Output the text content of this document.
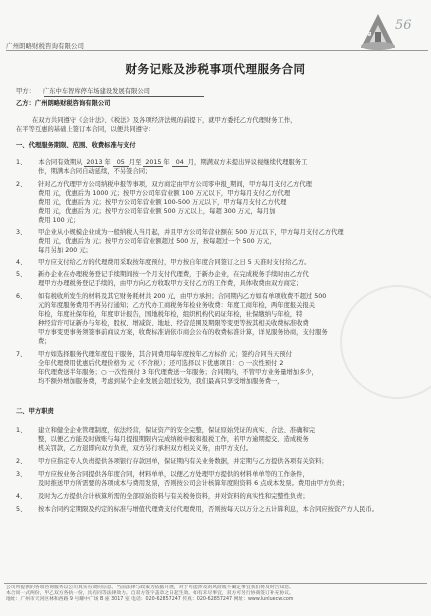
广州朗略财税咨询有限公司
ᵍ
56
财务记账及涉税事项代理服务合同
甲方： 广东中车智库停车场建设发展有限公司
乙方：广州朗略财税咨询有限公司
在双方共同遵守《会计法》、《税法》及各项经济法规的前提下，就甲方委托乙方代理财务工作，
在平等互惠的基础上签订本合同，以便共同遵守：
一、代理服务期限、范围、收费标准与支付
1、 本合同有效期从 2013 年 05 月至 2015 年 04 月，期满双方未提出异议视继续代理服务工
作，期满本合同自动延续，不另签合同；
2、 针对乙方代理甲方公司纳税申报等事项，双方商定由甲方公司零申报_期间，甲方每月支付乙方代理
费用 元，优惠后为 1000 元；按甲方公司年营业额 100 万元以下，甲方每月支付乙方代理
费用 元，优惠后为 元；按甲方公司年营业额 100-500 万元以下，甲方每月支付乙方代理
费用 元，优惠后为 元；按甲方公司年营业额 500 万元以上，每超 300 万元，每月加
费用 100 元；
3、 甲企业从小规模企业成为一般纳税人当月起，并且甲方公司年营业额在 500 万元以下，甲方每月支付乙方代理
费用 元，优惠后为 元；按甲方公司年营业额超过 500 万，按每超过一个 500 万元，
每月另加 200 元；
4、 甲方应支付给乙方的代理费用采取按年度预付，甲方按自年度合同签订之日 5 天准时支付给乙方。
5、 新办企业在办理税务登记手续期间按一个月支付代理费，于新办企业，在完成税务手续时由乙方代
理甲方办理税务登记手续的，由甲方向乙方收取甲方支付乙方的工作费，具体收费由双方商定；
6、 如有税收所发生的材料及其它财务耗材共 200 元，由甲方承担；合同期内乙方如有单项收费不超过 500
元的年度服务费用不再另行通知；乙方代办工商税务年检业务收费：年度工商年检，两年度报关报关
年检，年度社保年检，年度审计报告，国地税年检，组织机构代码证年检，社保缴纳与年检，特
种经营许可证新办与年检，股权、增减资、地址、经营范围及期限等变更等按其相关收费标准收费
甲方事变更事务须签事前商议方案，收费标准请依市商会公布的收费标准计算，详见服务协商，支付服务
费；
7、 甲方如选择服务代理年度包干服务，其合同费用每年度按年乙方标价 元；签约合同当天预付
全年代理费用优惠后代理价格为 元（不含税）；还可选择以下优惠项目：○ 一次性预付 2
年代理费送半年服务；○ 一次性预付 3 年代理费送一年服务；合同期内，不管甲方业务量增加多少，
均不额外增加服务费，考虑到某个企业发展会超过较为，我们最高只享受增加服务费一，
二、甲方职责
1、 建立和健全企业管理制度，依法经营，保证资产的安全完整，保证原始凭证的真实、合法、准确和完
整，以便乙方能及时做账与每月提报期限内完成纳税申报和报税工作，若甲方逾期提交、造成税务
机关罚款，乙方退即向双方负责，双方另行承担双方相关义务，由甲方支付。
2、 甲方应指定专人负责提供各项银行存款回单，保证期内有关业务数据，并定期与乙方提供各项有关资料；
3、 甲方应按业务合同提供各年度合同，材料单单，以便乙方处理甲方提供的材料单单等的工作条件，
及时推送甲方所需要的各项成本与费用发票，否则按公司会计核算年度附资料 6 点成本发票。费用由甲方负责；
4、 及时为乙方提供合计核算所需的全部原始资料与有关税务资料，并对资料的真实性和完整性负责；
5、 按本合同约定期限及约定的标准与增值代理费支付代理费用，否则按每天以万分之五计算利息，本合同应按资产方人民币。
公司所提供的各项咨询服务以公司真实有效的信息、当前法律与政策为依据开展，对于可能涉及的风险或不确定事宜我们将及时告知您。
本合同一式两份，甲乙双方各执一份，具有同等法律效力。自双方签字盖章之日起生效。如有未尽事宜，双方可另行协商签订补充协议。
地址：广州市天河区林和西路 9 号耀中广场 B 座 3017 室 电话：020-62857247 传真：020-62857247 网址：www.lunluecw.com
